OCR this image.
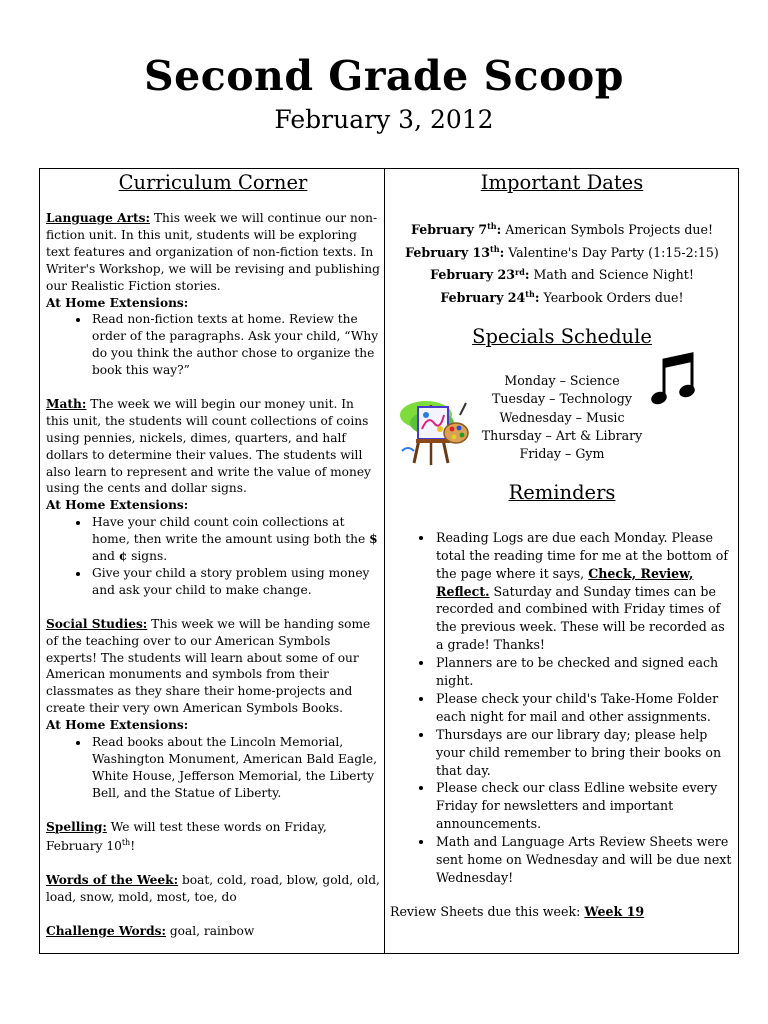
Second Grade Scoop
February 3, 2012
Curriculum Corner

Language Arts: This week we will continue our non-fiction unit. In this unit, students will be exploring text features and organization of non-fiction texts. In Writer's Workshop, we will be revising and publishing our Realistic Fiction stories.

At Home Extensions:

• Read non-fiction texts at home. Review the order of the paragraphs. Ask your child, “Why do you think the author chose to organize the book this way?”

Math: The week we will begin our money unit. In this unit, the students will count collections of coins using pennies, nickels, dimes, quarters, and half dollars to determine their values. The students will also learn to represent and write the value of money using the cents and dollar signs.

At Home Extensions:

• Have your child count coin collections at home, then write the amount using both the $ and ¢ signs.
• Give your child a story problem using money and ask your child to make change.

Social Studies: This week we will be handing some of the teaching over to our American Symbols experts! The students will learn about some of our American monuments and symbols from their classmates as they share their home-projects and create their very own American Symbols Books.

At Home Extensions:

• Read books about the Lincoln Memorial, Washington Monument, American Bald Eagle, White House, Jefferson Memorial, the Liberty Bell, and the Statue of Liberty.

Spelling: We will test these words on Friday, February 10th!

Words of the Week: boat, cold, road, blow, gold, old, load, snow, mold, most, toe, do

Challenge Words: goal, rainbow

Important Dates
February 7th: American Symbols Projects due!
February 13th: Valentine's Day Party (1:15-2:15)
February 23rd: Math and Science Night!
February 24th: Yearbook Orders due!
Specials Schedule
Monday – Science
Tuesday – Technology
Wednesday – Music
Thursday – Art & Library
Friday – Gym
Reminders
• Reading Logs are due each Monday. Please total the reading time for me at the bottom of the page where it says, Check, Review, Reflect. Saturday and Sunday times can be recorded and combined with Friday times of the previous week. These will be recorded as a grade! Thanks!
• Planners are to be checked and signed each night.
• Please check your child's Take-Home Folder each night for mail and other assignments.
• Thursdays are our library day; please help your child remember to bring their books on that day.
• Please check our class Edline website every Friday for newsletters and important announcements.
• Math and Language Arts Review Sheets were sent home on Wednesday and will be due next Wednesday!

Review Sheets due this week: Week 19
